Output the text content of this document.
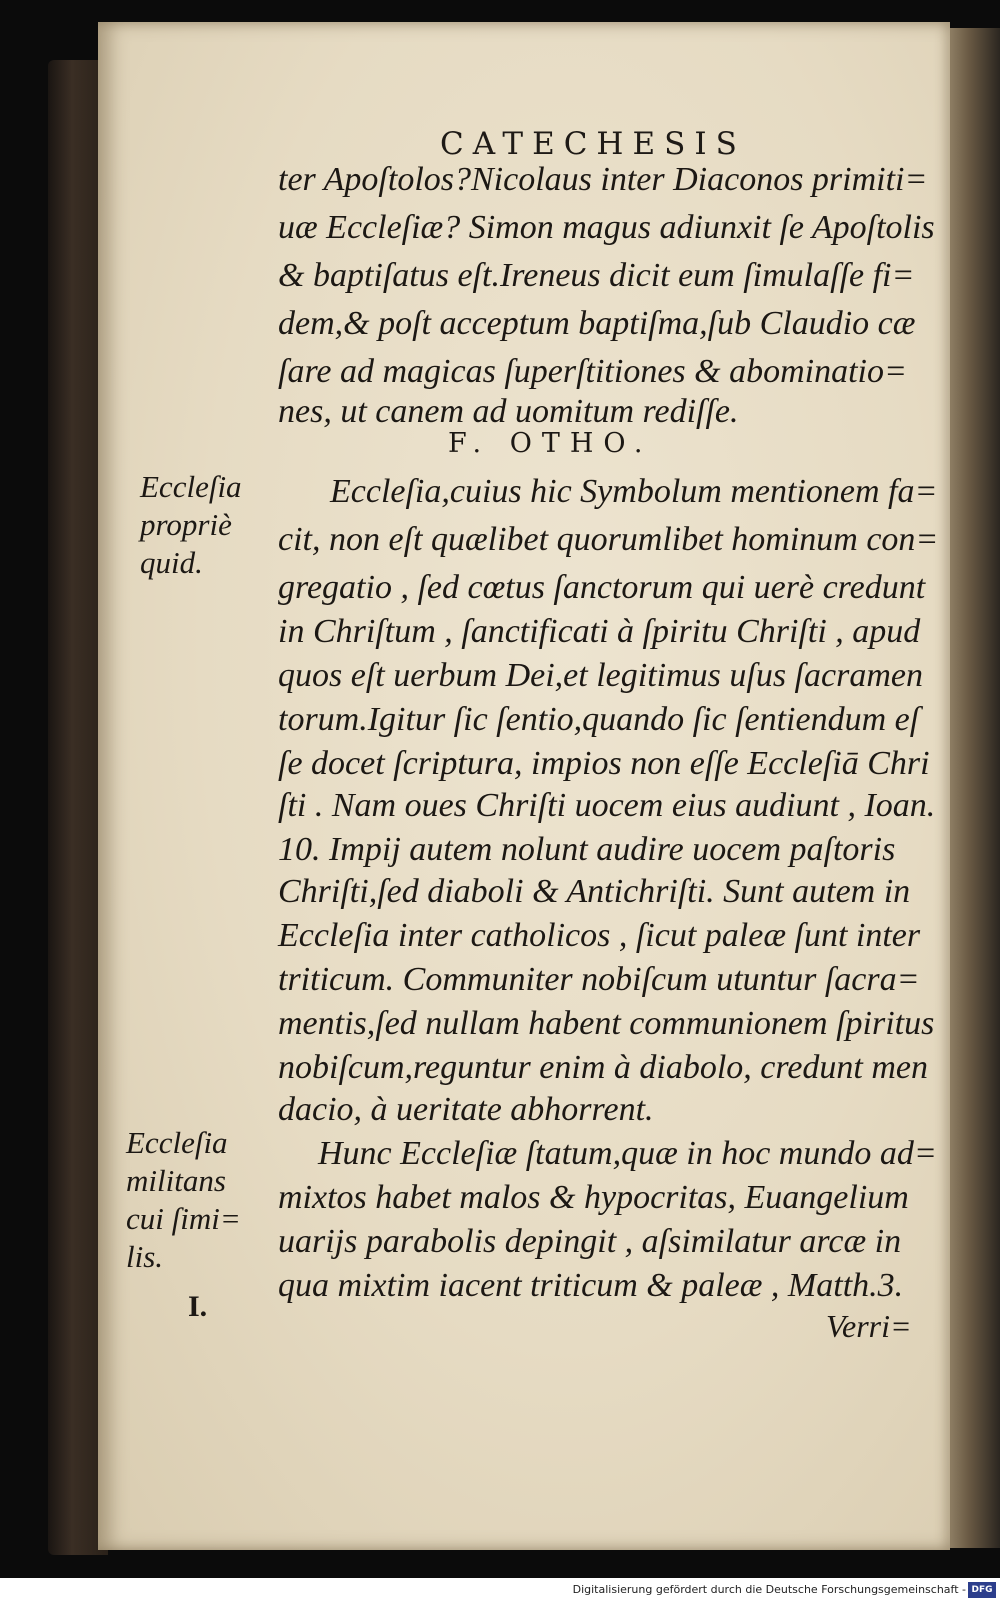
CATECHESIS
ter Apoſtolos?Nicolaus inter Diaconos primiti=
uæ Eccleſiæ? Simon magus adiunxit ſe Apoſtolis
& baptiſatus eſt.Ireneus dicit eum ſimulaſſe fi=
dem,& poſt acceptum baptiſma,ſub Claudio cæ
ſare ad magicas ſuperſtitiones & abominatio=
nes, ut canem ad uomitum rediſſe.
F. OTHO.
Eccleſia,cuius hic Symbolum mentionem fa=
cit, non eſt quælibet quorumlibet hominum con=
gregatio , ſed cœtus ſanctorum qui uerè credunt
in Chriſtum , ſanctificati à ſpiritu Chriſti , apud
quos eſt uerbum Dei,et legitimus uſus ſacramen
torum.Igitur ſic ſentio,quando ſic ſentiendum eſ
ſe docet ſcriptura, impios non eſſe Eccleſiā Chri
ſti . Nam oues Chriſti uocem eius audiunt , Ioan.
10. Impij autem nolunt audire uocem paſtoris
Chriſti,ſed diaboli & Antichriſti. Sunt autem in
Eccleſia inter catholicos , ſicut paleæ ſunt inter
triticum. Communiter nobiſcum utuntur ſacra=
mentis,ſed nullam habent communionem ſpiritus
nobiſcum,reguntur enim à diabolo, credunt men
dacio, à ueritate abhorrent.
Hunc Eccleſiæ ſtatum,quæ in hoc mundo ad=
mixtos habet malos & hypocritas, Euangelium
uarijs parabolis depingit , aſsimilatur arcæ in
qua mixtim iacent triticum & paleæ , Matth.3.
Eccleſia
propriè
quid.
Eccleſia
militans
cui ſimi=
lis.
I.
Verri=
Digitalisierung gefördert durch die Deutsche Forschungsgemeinschaft - DFG
